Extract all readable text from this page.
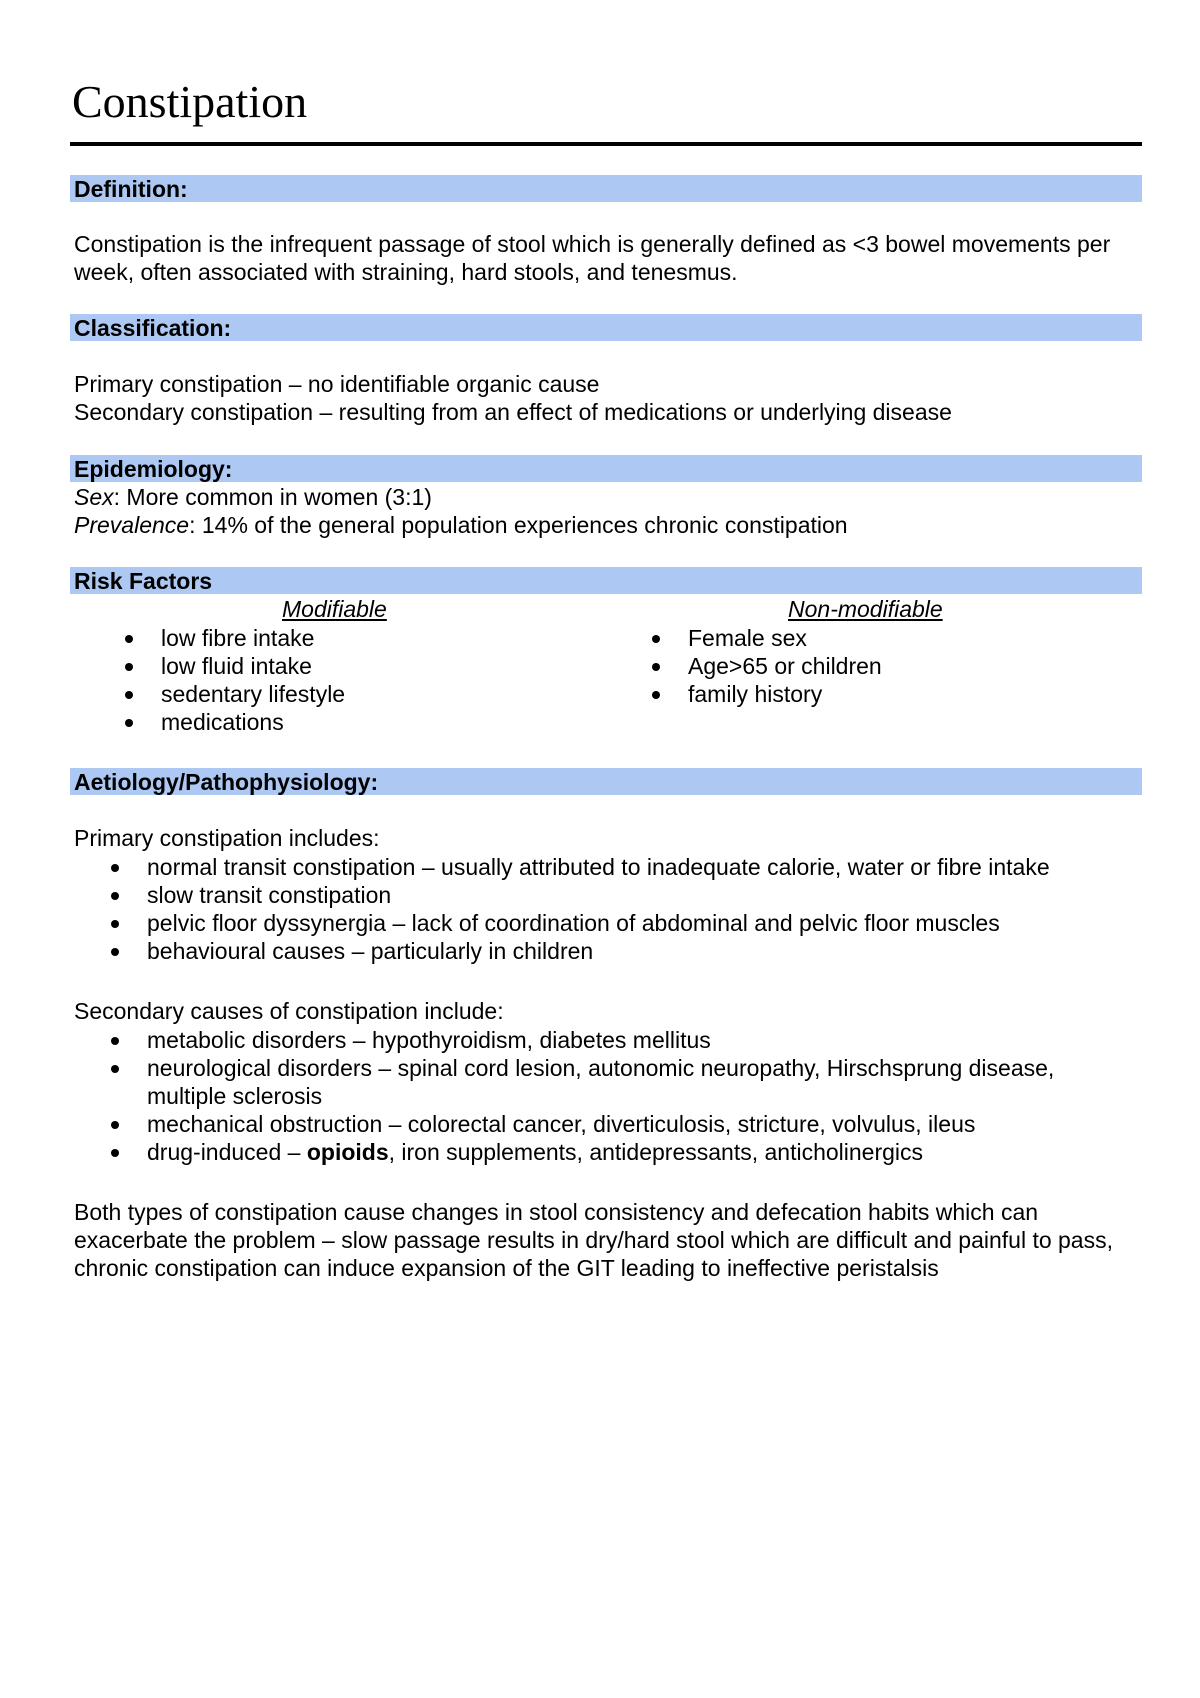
Constipation
Definition:
Constipation is the infrequent passage of stool which is generally defined as <3 bowel movements per week, often associated with straining, hard stools, and tenesmus.
Classification:
Primary constipation – no identifiable organic cause
Secondary constipation – resulting from an effect of medications or underlying disease
Epidemiology:
Sex: More common in women (3:1)
Prevalence: 14% of the general population experiences chronic constipation
Risk Factors
Modifiable	Non-modifiable
low fibre intake
low fluid intake
sedentary lifestyle
medications
Female sex
Age>65 or children
family history
Aetiology/Pathophysiology:
Primary constipation includes:
normal transit constipation – usually attributed to inadequate calorie, water or fibre intake
slow transit constipation
pelvic floor dyssynergia – lack of coordination of abdominal and pelvic floor muscles
behavioural causes – particularly in children
Secondary causes of constipation include:
metabolic disorders – hypothyroidism, diabetes mellitus
neurological disorders – spinal cord lesion, autonomic neuropathy, Hirschsprung disease, multiple sclerosis
mechanical obstruction – colorectal cancer, diverticulosis, stricture, volvulus, ileus
drug-induced – opioids, iron supplements, antidepressants, anticholinergics
Both types of constipation cause changes in stool consistency and defecation habits which can exacerbate the problem – slow passage results in dry/hard stool which are difficult and painful to pass, chronic constipation can induce expansion of the GIT leading to ineffective peristalsis
